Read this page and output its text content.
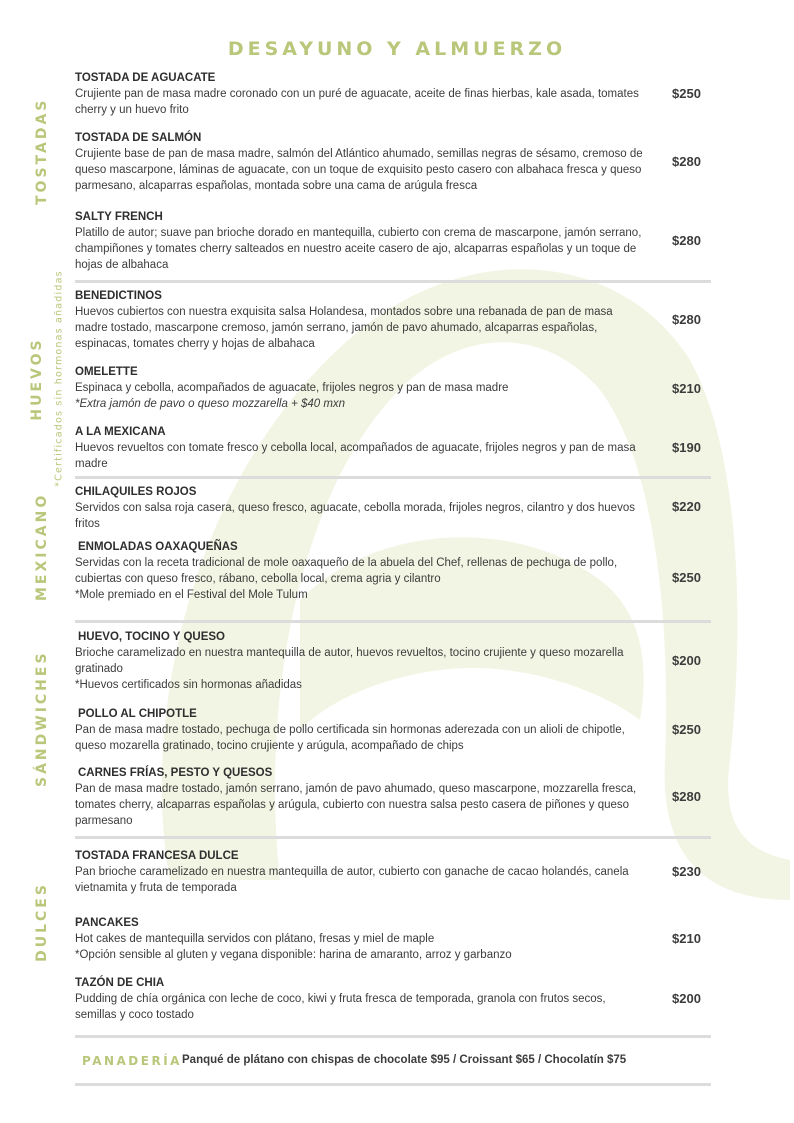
DESAYUNO Y ALMUERZO
TOSTADAS
HUEVOS *Certificados sin hormonas añadidas
MEXICANO
SÁNDWICHES
DULCES
TOSTADA DE AGUACATE
Crujiente pan de masa madre coronado con un puré de aguacate, aceite de finas hierbas, kale asada, tomates cherry y un huevo frito
$250
TOSTADA DE SALMÓN
Crujiente base de pan de masa madre, salmón del Atlántico ahumado, semillas negras de sésamo, cremoso de queso mascarpone, láminas de aguacate, con un toque de exquisito pesto casero con albahaca fresca y queso parmesano, alcaparras españolas, montada sobre una cama de arúgula fresca
$280
SALTY FRENCH
Platillo de autor; suave pan brioche dorado en mantequilla, cubierto con crema de mascarpone, jamón serrano, champiñones y tomates cherry salteados en nuestro aceite casero de ajo, alcaparras españolas y un toque de hojas de albahaca
$280
BENEDICTINOS
Huevos cubiertos con nuestra exquisita salsa Holandesa, montados sobre una rebanada de pan de masa madre tostado, mascarpone cremoso, jamón serrano, jamón de pavo ahumado, alcaparras españolas, espinacas, tomates cherry y hojas de albahaca
$280
OMELETTE
Espinaca y cebolla, acompañados de aguacate, frijoles negros y pan de masa madre
*Extra jamón de pavo o queso mozzarella + $40 mxn
$210
A LA MEXICANA
Huevos revueltos con tomate fresco y cebolla local, acompañados de aguacate, frijoles negros y pan de masa madre
$190
CHILAQUILES ROJOS
Servidos con salsa roja casera, queso fresco, aguacate, cebolla morada, frijoles negros, cilantro y dos huevos fritos
$220
ENMOLADAS OAXAQUEÑAS
Servidas con la receta tradicional de mole oaxaqueño de la abuela del Chef, rellenas de pechuga de pollo, cubiertas con queso fresco, rábano, cebolla local, crema agria y cilantro
*Mole premiado en el Festival del Mole Tulum
$250
HUEVO, TOCINO Y QUESO
Brioche caramelizado en nuestra mantequilla de autor, huevos revueltos, tocino crujiente y queso mozarella gratinado
*Huevos certificados sin hormonas añadidas
$200
POLLO AL CHIPOTLE
Pan de masa madre tostado, pechuga de pollo certificada sin hormonas aderezada con un alioli de chipotle, queso mozarella gratinado, tocino crujiente y arúgula, acompañado de chips
$250
CARNES FRÍAS, PESTO Y QUESOS
Pan de masa madre tostado, jamón serrano, jamón de pavo ahumado, queso mascarpone, mozzarella fresca, tomates cherry, alcaparras españolas y arúgula, cubierto con nuestra salsa pesto casera de piñones y queso parmesano
$280
TOSTADA FRANCESA DULCE
Pan brioche caramelizado en nuestra mantequilla de autor, cubierto con ganache de cacao holandés, canela vietnamita y fruta de temporada
$230
PANCAKES
Hot cakes de mantequilla servidos con plátano, fresas y miel de maple
*Opción sensible al gluten y vegana disponible: harina de amaranto, arroz y garbanzo
$210
TAZÓN DE CHIA
Pudding de chía orgánica con leche de coco, kiwi y fruta fresca de temporada, granola con frutos secos, semillas y coco tostado
$200
PANADERÍA Panqué de plátano con chispas de chocolate $95 / Croissant $65 / Chocolatín $75
